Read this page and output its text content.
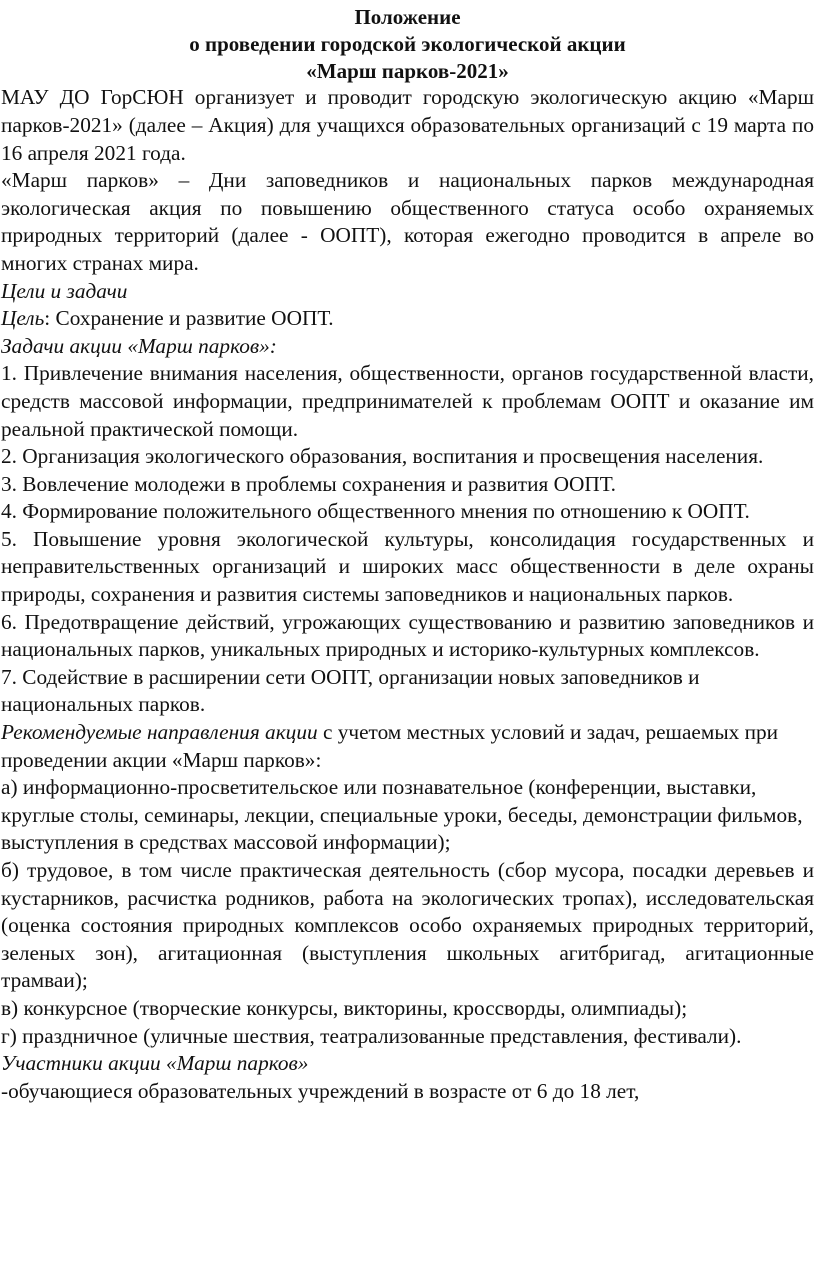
Положение

о проведении городской экологической акции

«Марш парков-2021»

МАУ ДО ГорСЮН организует и проводит городскую экологическую акцию «Марш парков-2021» (далее – Акция) для учащихся образовательных организаций с 19 марта по 16 апреля 2021 года.

«Марш парков» – Дни заповедников и национальных парков международная экологическая акция по повышению общественного статуса особо охраняемых природных территорий (далее - ООПТ), которая ежегодно проводится в апреле во многих странах мира.

Цели и задачи

Цель: Сохранение и развитие ООПТ.

Задачи акции «Марш парков»:

1. Привлечение внимания населения, общественности, органов государственной власти, средств массовой информации, предпринимателей к проблемам ООПТ и оказание им реальной практической помощи.

2. Организация экологического образования, воспитания и просвещения населения.

3. Вовлечение молодежи в проблемы сохранения и развития ООПТ.

4. Формирование положительного общественного мнения по отношению к ООПТ.

5. Повышение уровня экологической культуры, консолидация государственных и неправительственных организаций и широких масс общественности в деле охраны природы, сохранения и развития системы заповедников и национальных парков.

6. Предотвращение действий, угрожающих существованию и развитию заповедников и национальных парков, уникальных природных и историко-культурных комплексов.

7. Содействие в расширении сети ООПТ, организации новых заповедников и национальных парков.

Рекомендуемые направления акции с учетом местных условий и задач, решаемых при проведении акции «Марш парков»:

а) информационно-просветительское или познавательное (конференции, выставки, круглые столы, семинары, лекции, специальные уроки, беседы, демонстрации фильмов, выступления в средствах массовой информации);

б) трудовое, в том числе практическая деятельность (сбор мусора, посадки деревьев и кустарников, расчистка родников, работа на экологических тропах), исследовательская (оценка состояния природных комплексов особо охраняемых природных территорий, зеленых зон), агитационная (выступления школьных агитбригад, агитационные трамваи);

в) конкурсное (творческие конкурсы, викторины, кроссворды, олимпиады);

г) праздничное (уличные шествия, театрализованные представления, фестивали).

Участники акции «Марш парков»

-обучающиеся образовательных учреждений в возрасте от 6 до 18 лет,
